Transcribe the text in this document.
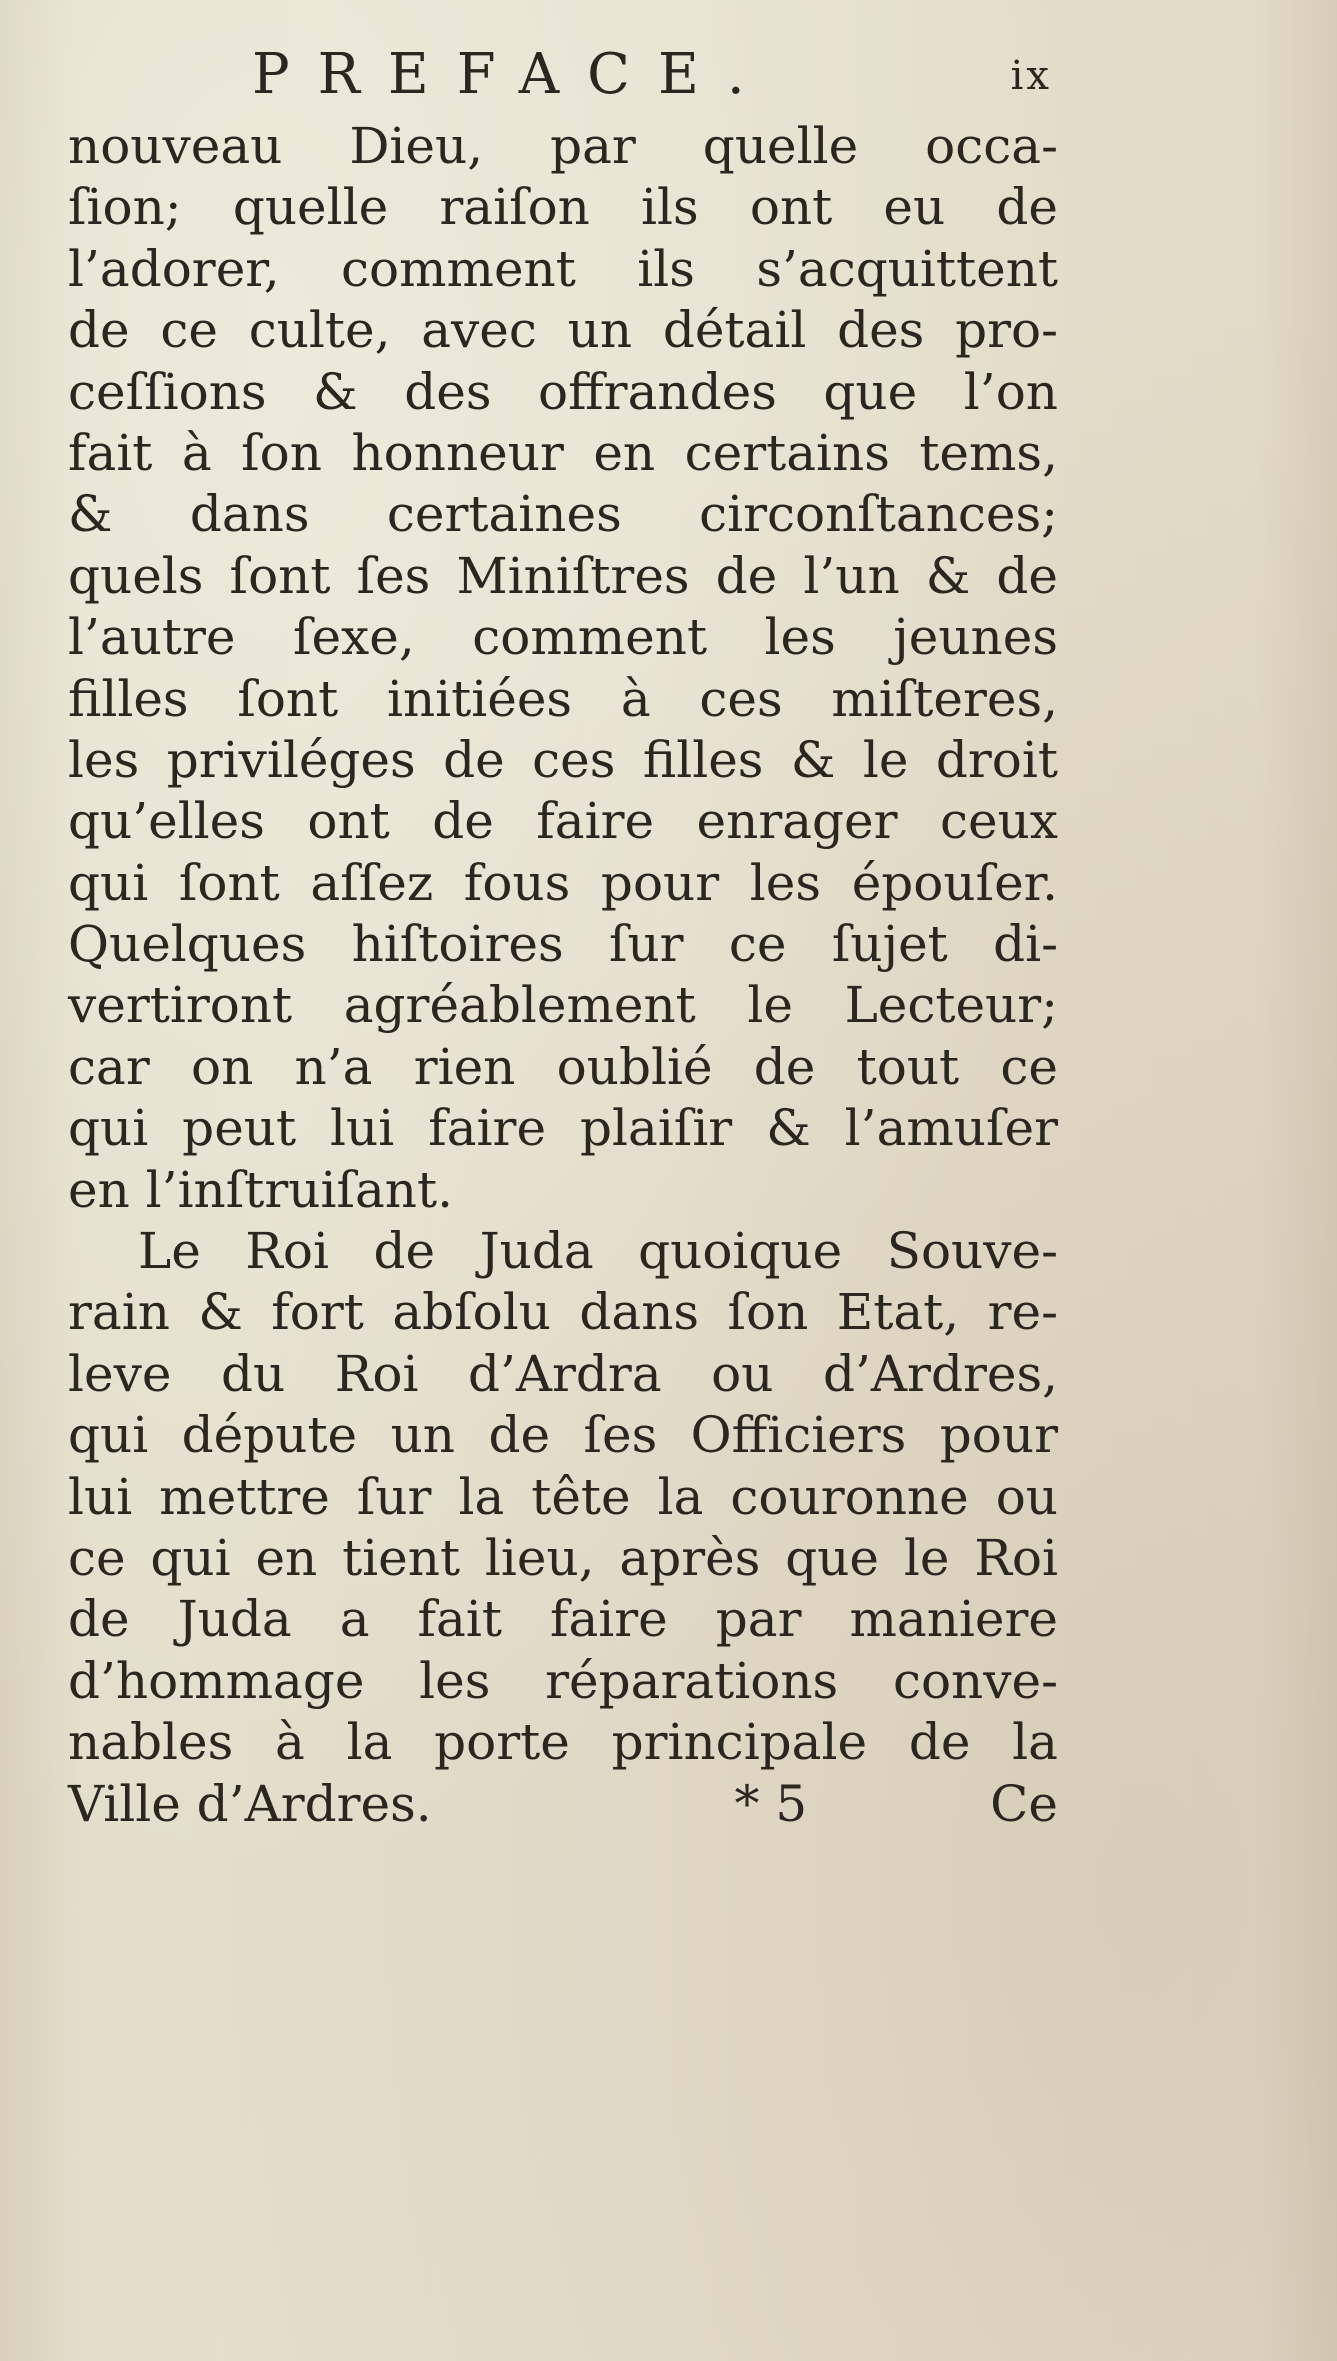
PREFACE.	ix
nouveau Dieu, par quelle occa-
ſion; quelle raiſon ils ont eu de
l’adorer, comment ils s’acquittent
de ce culte, avec un détail des pro-
ceſſions & des offrandes que l’on
fait à ſon honneur en certains tems,
& dans certaines circonſtances;
quels ſont ſes Miniſtres de l’un & de
l’autre ſexe, comment les jeunes
filles ſont initiées à ces miſteres,
les priviléges de ces filles & le droit
qu’elles ont de faire enrager ceux
qui ſont aſſez fous pour les épouſer.
Quelques hiſtoires ſur ce ſujet di-
vertiront agréablement le Lecteur;
car on n’a rien oublié de tout ce
qui peut lui faire plaiſir & l’amuſer
en l’inſtruiſant.
Le Roi de Juda quoique Souve-
rain & fort abſolu dans ſon Etat, re-
leve du Roi d’Ardra ou d’Ardres,
qui députe un de ſes Officiers pour
lui mettre ſur la tête la couronne ou
ce qui en tient lieu, après que le Roi
de Juda a fait faire par maniere
d’hommage les réparations conve-
nables à la porte principale de la
Ville d’Ardres.	* 5	Ce
